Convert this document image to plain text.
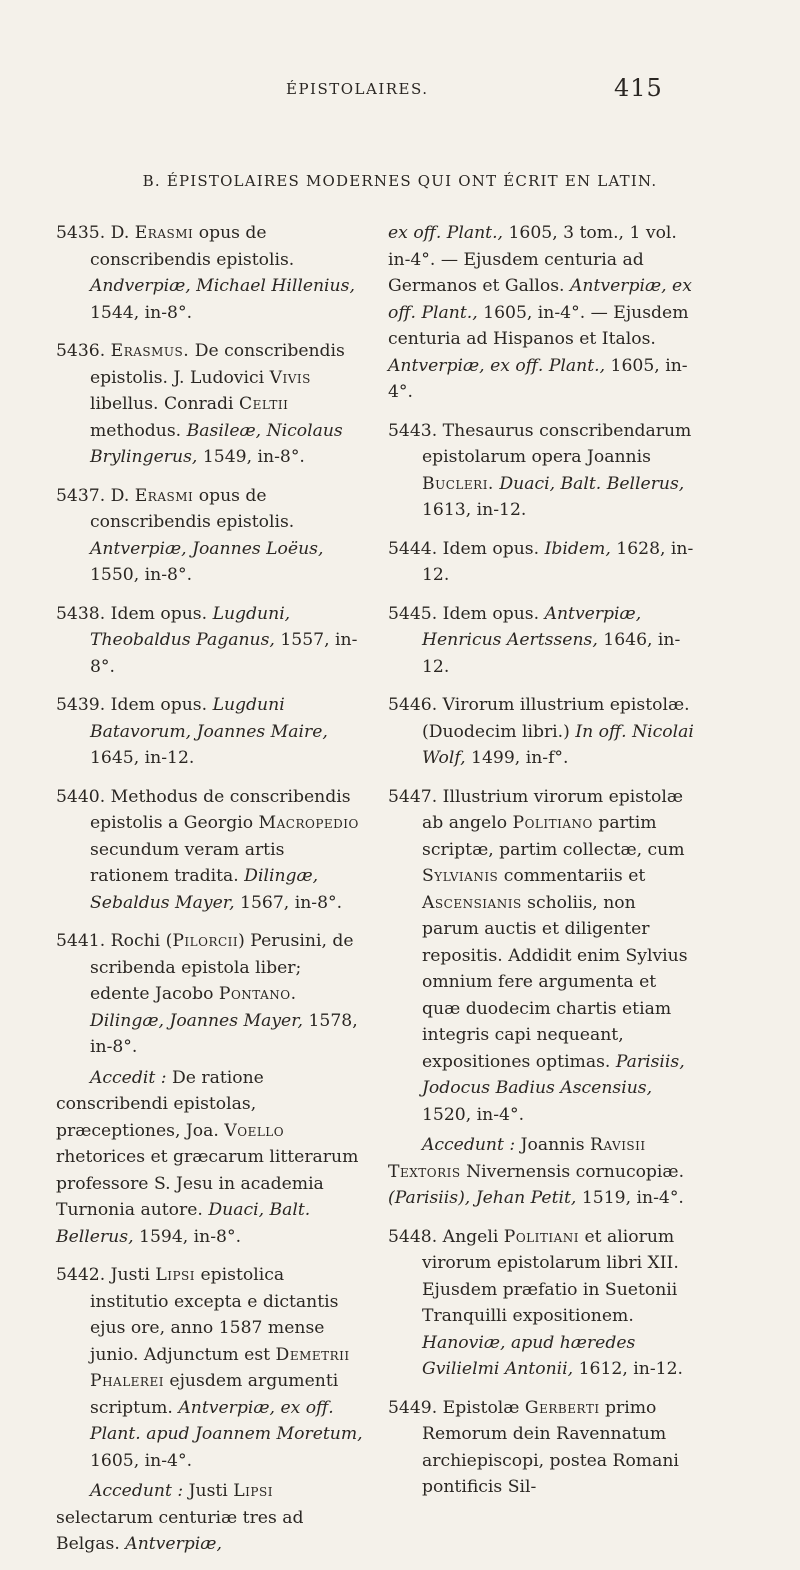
ÉPISTOLAIRES.	415
B. ÉPISTOLAIRES MODERNES QUI ONT ÉCRIT EN LATIN.

5435. D. Erasmi opus de conscribendis epistolis. Andverpiæ, Michael Hillenius, 1544, in-8°.

5436. Erasmus. De conscribendis epistolis. J. Ludovici Vivis libellus. Conradi Celtii methodus. Basileæ, Nicolaus Brylingerus, 1549, in-8°.

5437. D. Erasmi opus de conscribendis epistolis. Antverpiæ, Joannes Loëus, 1550, in-8°.

5438. Idem opus. Lugduni, Theobaldus Paganus, 1557, in-8°.

5439. Idem opus. Lugduni Batavorum, Joannes Maire, 1645, in-12.

5440. Methodus de conscribendis epistolis a Georgio Macropedio secundum veram artis rationem tradita. Dilingæ, Sebaldus Mayer, 1567, in-8°.

5441. Rochi (Pilorcii) Perusini, de scribenda epistola liber; edente Jacobo Pontano. Dilingæ, Joannes Mayer, 1578, in-8°.

Accedit : De ratione conscribendi epistolas, præceptiones, Joa. Voello rhetorices et græcarum litterarum professore S. Jesu in academia Turnonia autore. Duaci, Balt. Bellerus, 1594, in-8°.

5442. Justi Lipsi epistolica institutio excepta e dictantis ejus ore, anno 1587 mense junio. Adjunctum est Demetrii Phalerei ejusdem argumenti scriptum. Antverpiæ, ex off. Plant. apud Joannem Moretum, 1605, in-4°.

Accedunt : Justi Lipsi selectarum centuriæ tres ad Belgas. Antverpiæ,

ex off. Plant., 1605, 3 tom., 1 vol. in-4°. — Ejusdem centuria ad Germanos et Gallos. Antverpiæ, ex off. Plant., 1605, in-4°. — Ejusdem centuria ad Hispanos et Italos. Antverpiæ, ex off. Plant., 1605, in-4°.

5443. Thesaurus conscribendarum epistolarum opera Joannis Bucleri. Duaci, Balt. Bellerus, 1613, in-12.

5444. Idem opus. Ibidem, 1628, in-12.

5445. Idem opus. Antverpiæ, Henricus Aertssens, 1646, in-12.

5446. Virorum illustrium epistolæ. (Duodecim libri.) In off. Nicolai Wolf, 1499, in-f°.

5447. Illustrium virorum epistolæ ab angelo Politiano partim scriptæ, partim collectæ, cum Sylvianis commentariis et Ascensianis scholiis, non parum auctis et diligenter repositis. Addidit enim Sylvius omnium fere argumenta et quæ duodecim chartis etiam integris capi nequeant, expositiones optimas. Parisiis, Jodocus Badius Ascensius, 1520, in-4°.

Accedunt : Joannis Ravisii Textoris Nivernensis cornucopiæ. (Parisiis), Jehan Petit, 1519, in-4°.

5448. Angeli Politiani et aliorum virorum epistolarum libri XII. Ejusdem præfatio in Suetonii Tranquilli expositionem. Hanoviæ, apud hæredes Gvilielmi Antonii, 1612, in-12.

5449. Epistolæ Gerberti primo Remorum dein Ravennatum archiepiscopi, postea Romani pontificis Sil-
